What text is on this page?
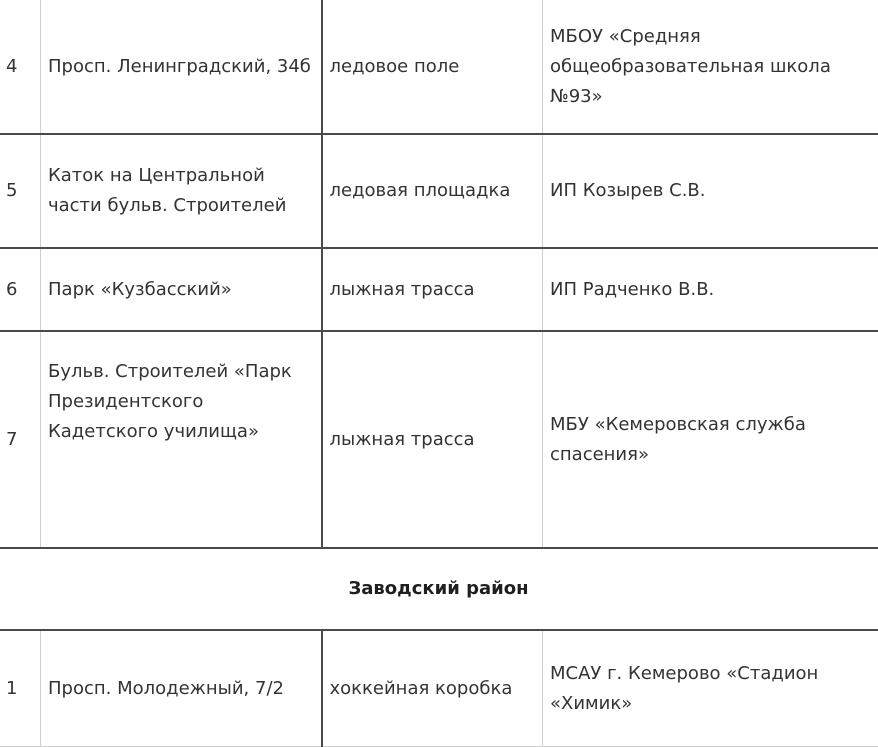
4	Просп. Ленинградский, 34б	ледовое поле	МБОУ «Средняя общеобразовательная школа №93»
5	Каток на Центральной части бульв. Строителей	ледовая площадка	ИП Козырев С.В.
6	Парк «Кузбасский»	лыжная трасса	ИП Радченко В.В.
7	Бульв. Строителей «Парк Президентского Кадетского училища»	лыжная трасса	МБУ «Кемеровская служба спасения»
Заводский район			
1	Просп. Молодежный, 7/2	хоккейная коробка	МСАУ г. Кемерово «Стадион «Химик»
